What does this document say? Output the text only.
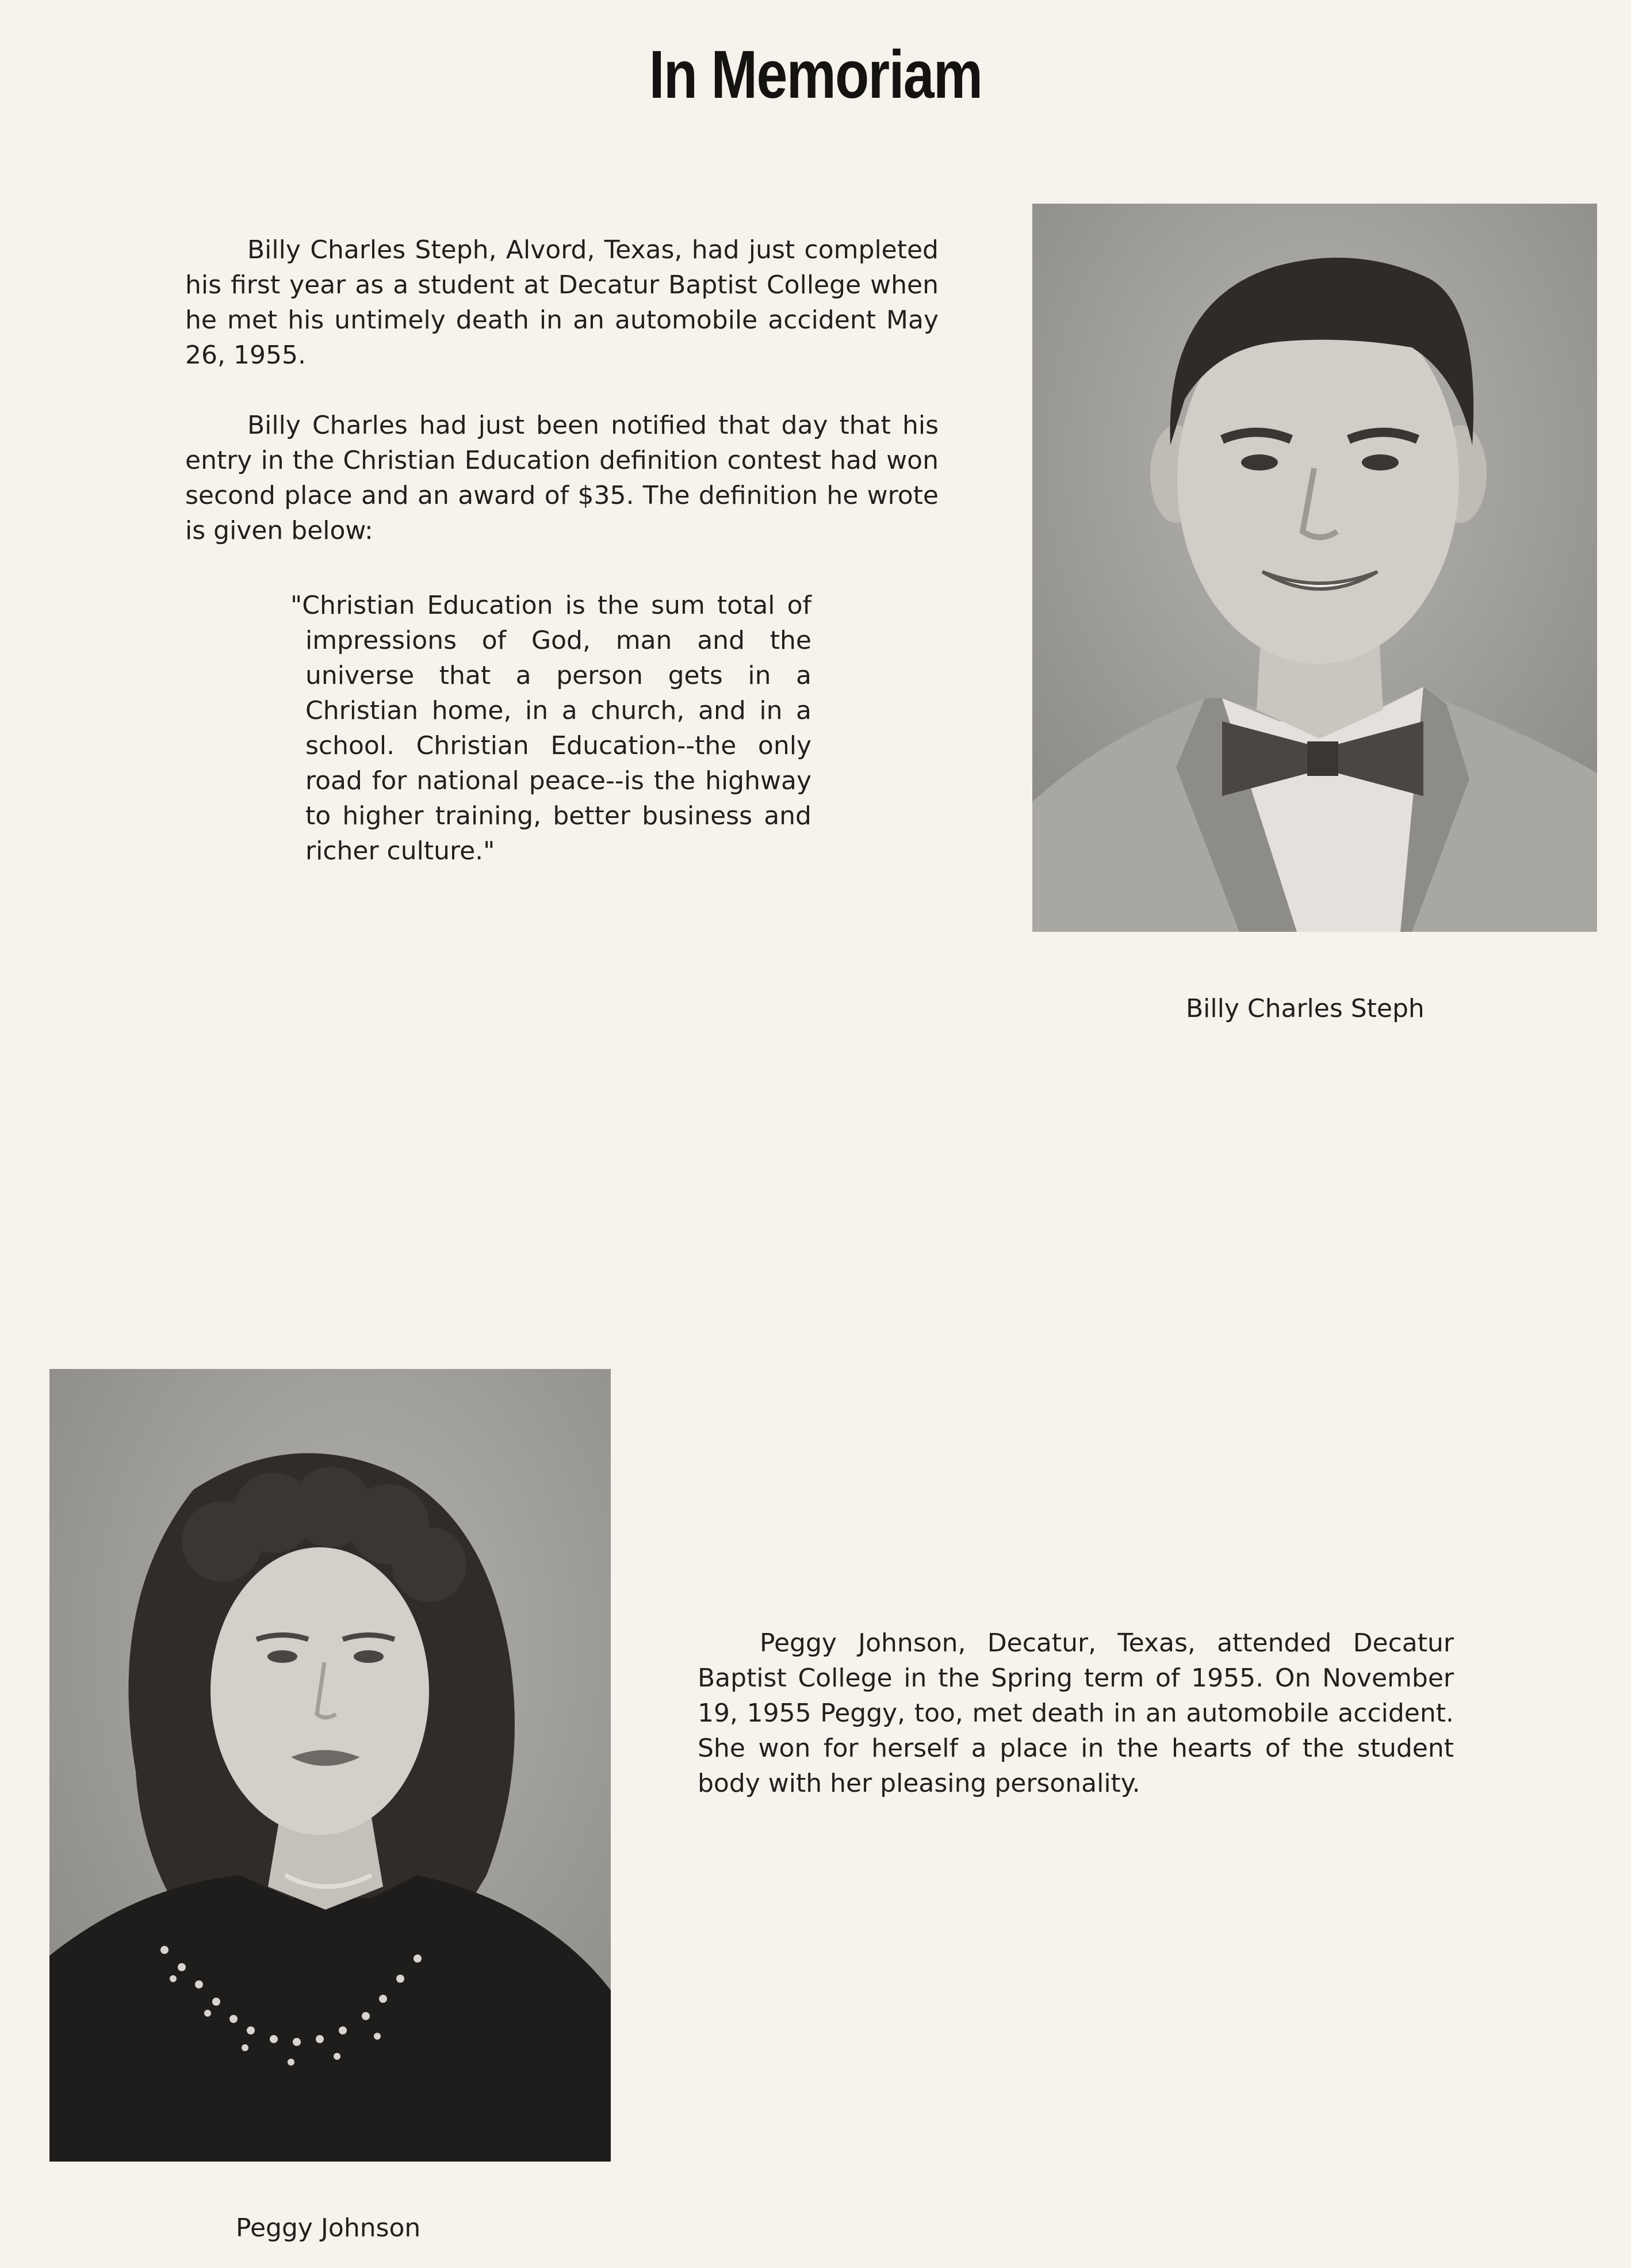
In Memoriam

Billy Charles Steph, Alvord, Texas, had just completed his first year as a student at Decatur Baptist College when he met his untimely death in an automobile accident May 26, 1955.

Billy Charles had just been notified that day that his entry in the Christian Education definition contest had won second place and an award of $35. The definition he wrote is given below:

"Christian Education is the sum total of impressions of God, man and the universe that a person gets in a Christian home, in a church, and in a school. Christian Education--the only road for national peace--is the highway to higher training, better business and richer culture."

Billy Charles Steph

Peggy Johnson, Decatur, Texas, attended Decatur Baptist College in the Spring term of 1955. On November 19, 1955 Peggy, too, met death in an automobile accident. She won for herself a place in the hearts of the student body with her pleasing personality.

Peggy Johnson
